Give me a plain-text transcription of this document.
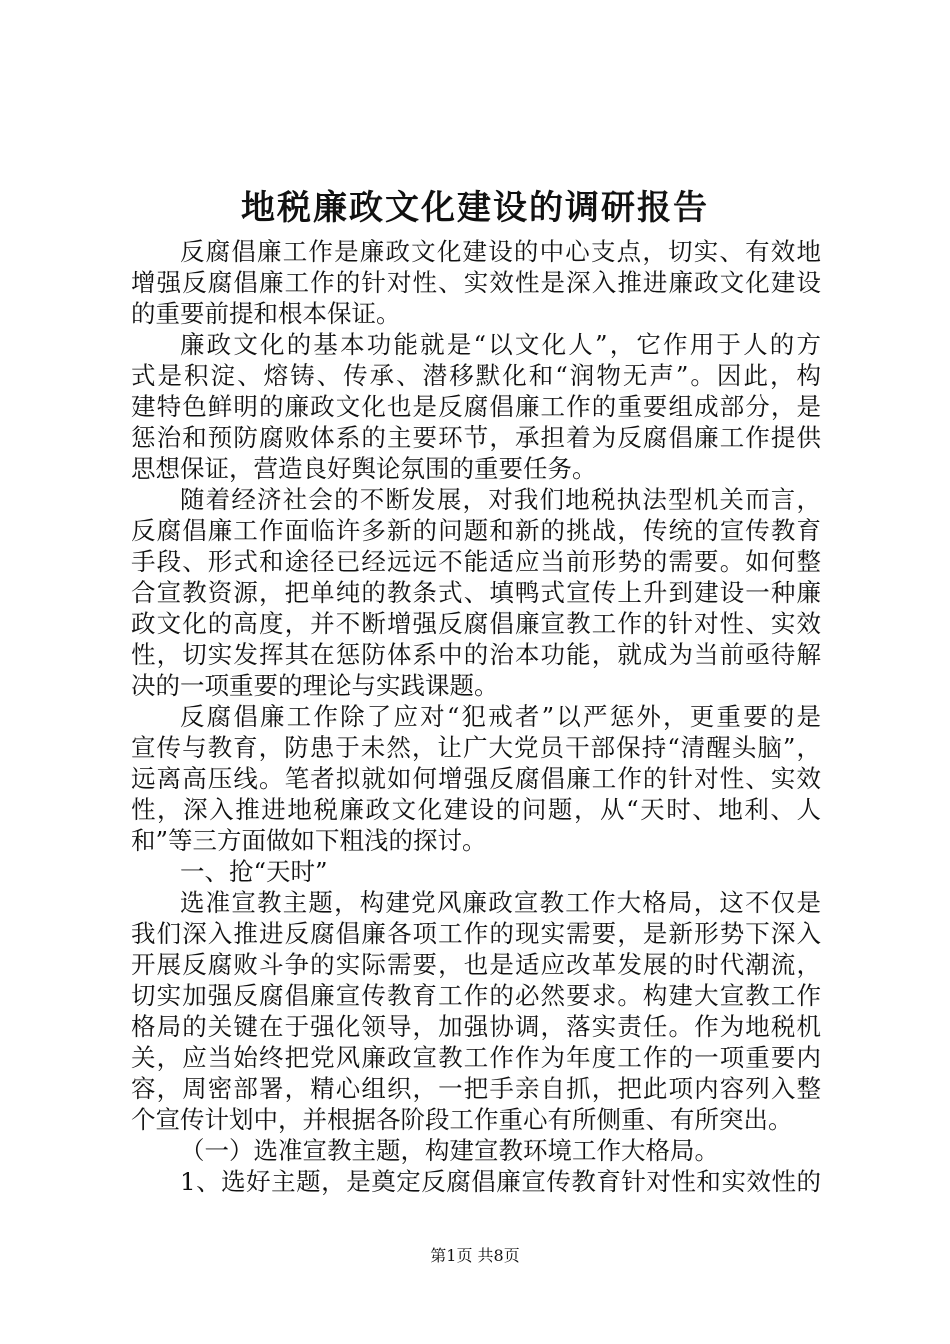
地税廉政文化建设的调研报告
反腐倡廉工作是廉政文化建设的中心支点，切实、有效地
增强反腐倡廉工作的针对性、实效性是深入推进廉政文化建设
的重要前提和根本保证。
廉政文化的基本功能就是“以文化人”，它作用于人的方
式是积淀、熔铸、传承、潜移默化和“润物无声”。因此，构
建特色鲜明的廉政文化也是反腐倡廉工作的重要组成部分，是
惩治和预防腐败体系的主要环节，承担着为反腐倡廉工作提供
思想保证，营造良好舆论氛围的重要任务。
随着经济社会的不断发展，对我们地税执法型机关而言，
反腐倡廉工作面临许多新的问题和新的挑战，传统的宣传教育
手段、形式和途径已经远远不能适应当前形势的需要。如何整
合宣教资源，把单纯的教条式、填鸭式宣传上升到建设一种廉
政文化的高度，并不断增强反腐倡廉宣教工作的针对性、实效
性，切实发挥其在惩防体系中的治本功能，就成为当前亟待解
决的一项重要的理论与实践课题。
反腐倡廉工作除了应对“犯戒者”以严惩外，更重要的是
宣传与教育，防患于未然，让广大党员干部保持“清醒头脑”，
远离高压线。笔者拟就如何增强反腐倡廉工作的针对性、实效
性，深入推进地税廉政文化建设的问题，从“天时、地利、人
和”等三方面做如下粗浅的探讨。
一、抢“天时”
选准宣教主题，构建党风廉政宣教工作大格局，这不仅是
我们深入推进反腐倡廉各项工作的现实需要，是新形势下深入
开展反腐败斗争的实际需要，也是适应改革发展的时代潮流，
切实加强反腐倡廉宣传教育工作的必然要求。构建大宣教工作
格局的关键在于强化领导，加强协调，落实责任。作为地税机
关，应当始终把党风廉政宣教工作作为年度工作的一项重要内
容，周密部署，精心组织，一把手亲自抓，把此项内容列入整
个宣传计划中，并根据各阶段工作重心有所侧重、有所突出。
（一）选准宣教主题，构建宣教环境工作大格局。
1、选好主题，是奠定反腐倡廉宣传教育针对性和实效性的
第1页 共8页
